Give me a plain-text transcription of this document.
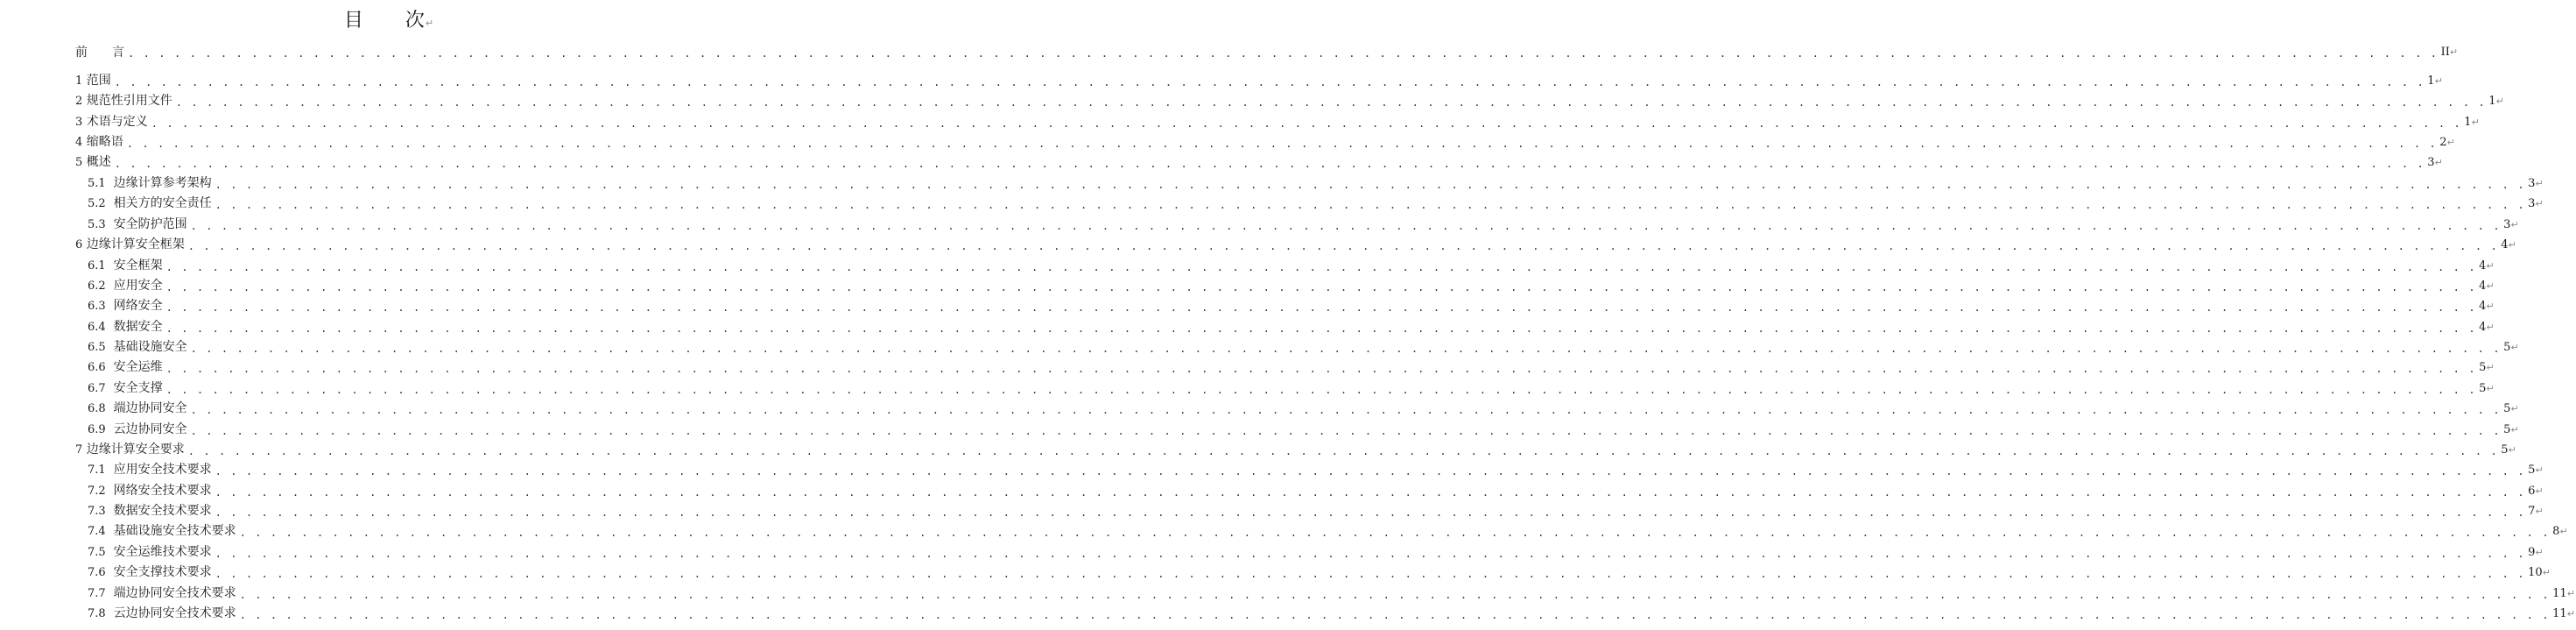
目 次↵
前　　言 . . . . . . . . . . . . . . . . . . . . . . . . . . . . . . . . . . . . . . . . . . . . . . . . . . . . . . . . . . . . . . . . . . . . . . . . . . . . . . . . . . . . . . . . . . . . . . . . . . . . . . . . . . . . . . . . . . . . . . . . . . . . . . . . . . . . . . . . . . . . . . . . . . . . . . II ↵
1 范围 . . . . . . . . . . . . . . . . . . . . . . . . . . . . . . . . . . . . . . . . . . . . . . . . . . . . . . . . . . . . . . . . . . . . . . . . . . . . . . . . . . . . . . . . . . . . . . . . . . . . . . . . . . . . . . . . . . . . . . . . . . . . . . . . . . . . . . . . . . . . . . . . . . . . . . 1 ↵
2 规范性引用文件 . . . . . . . . . . . . . . . . . . . . . . . . . . . . . . . . . . . . . . . . . . . . . . . . . . . . . . . . . . . . . . . . . . . . . . . . . . . . . . . . . . . . . . . . . . . . . . . . . . . . . . . . . . . . . . . . . . . . . . . . . . . . . . . . . . . . . . . . . . . . . . . . . . . . . . 1 ↵
3 术语与定义 . . . . . . . . . . . . . . . . . . . . . . . . . . . . . . . . . . . . . . . . . . . . . . . . . . . . . . . . . . . . . . . . . . . . . . . . . . . . . . . . . . . . . . . . . . . . . . . . . . . . . . . . . . . . . . . . . . . . . . . . . . . . . . . . . . . . . . . . . . . . . . . . . . . . . . 1 ↵
4 缩略语 . . . . . . . . . . . . . . . . . . . . . . . . . . . . . . . . . . . . . . . . . . . . . . . . . . . . . . . . . . . . . . . . . . . . . . . . . . . . . . . . . . . . . . . . . . . . . . . . . . . . . . . . . . . . . . . . . . . . . . . . . . . . . . . . . . . . . . . . . . . . . . . . . . . . . . 2 ↵
5 概述 . . . . . . . . . . . . . . . . . . . . . . . . . . . . . . . . . . . . . . . . . . . . . . . . . . . . . . . . . . . . . . . . . . . . . . . . . . . . . . . . . . . . . . . . . . . . . . . . . . . . . . . . . . . . . . . . . . . . . . . . . . . . . . . . . . . . . . . . . . . . . . . . . . . . . . 3 ↵
5.1 边缘计算参考架构 . . . . . . . . . . . . . . . . . . . . . . . . . . . . . . . . . . . . . . . . . . . . . . . . . . . . . . . . . . . . . . . . . . . . . . . . . . . . . . . . . . . . . . . . . . . . . . . . . . . . . . . . . . . . . . . . . . . . . . . . . . . . . . . . . . . . . . . . . . . . . . . . . . . . . . 3 ↵
5.2 相关方的安全责任 . . . . . . . . . . . . . . . . . . . . . . . . . . . . . . . . . . . . . . . . . . . . . . . . . . . . . . . . . . . . . . . . . . . . . . . . . . . . . . . . . . . . . . . . . . . . . . . . . . . . . . . . . . . . . . . . . . . . . . . . . . . . . . . . . . . . . . . . . . . . . . . . . . . . . . 3 ↵
5.3 安全防护范围 . . . . . . . . . . . . . . . . . . . . . . . . . . . . . . . . . . . . . . . . . . . . . . . . . . . . . . . . . . . . . . . . . . . . . . . . . . . . . . . . . . . . . . . . . . . . . . . . . . . . . . . . . . . . . . . . . . . . . . . . . . . . . . . . . . . . . . . . . . . . . . . . . . . . . . 3 ↵
6 边缘计算安全框架 . . . . . . . . . . . . . . . . . . . . . . . . . . . . . . . . . . . . . . . . . . . . . . . . . . . . . . . . . . . . . . . . . . . . . . . . . . . . . . . . . . . . . . . . . . . . . . . . . . . . . . . . . . . . . . . . . . . . . . . . . . . . . . . . . . . . . . . . . . . . . . . . . . . . . . 4 ↵
6.1 安全框架 . . . . . . . . . . . . . . . . . . . . . . . . . . . . . . . . . . . . . . . . . . . . . . . . . . . . . . . . . . . . . . . . . . . . . . . . . . . . . . . . . . . . . . . . . . . . . . . . . . . . . . . . . . . . . . . . . . . . . . . . . . . . . . . . . . . . . . . . . . . . . . . . . . . . . . 4 ↵
6.2 应用安全 . . . . . . . . . . . . . . . . . . . . . . . . . . . . . . . . . . . . . . . . . . . . . . . . . . . . . . . . . . . . . . . . . . . . . . . . . . . . . . . . . . . . . . . . . . . . . . . . . . . . . . . . . . . . . . . . . . . . . . . . . . . . . . . . . . . . . . . . . . . . . . . . . . . . . . 4 ↵
6.3 网络安全 . . . . . . . . . . . . . . . . . . . . . . . . . . . . . . . . . . . . . . . . . . . . . . . . . . . . . . . . . . . . . . . . . . . . . . . . . . . . . . . . . . . . . . . . . . . . . . . . . . . . . . . . . . . . . . . . . . . . . . . . . . . . . . . . . . . . . . . . . . . . . . . . . . . . . . 4 ↵
6.4 数据安全 . . . . . . . . . . . . . . . . . . . . . . . . . . . . . . . . . . . . . . . . . . . . . . . . . . . . . . . . . . . . . . . . . . . . . . . . . . . . . . . . . . . . . . . . . . . . . . . . . . . . . . . . . . . . . . . . . . . . . . . . . . . . . . . . . . . . . . . . . . . . . . . . . . . . . . 4 ↵
6.5 基础设施安全 . . . . . . . . . . . . . . . . . . . . . . . . . . . . . . . . . . . . . . . . . . . . . . . . . . . . . . . . . . . . . . . . . . . . . . . . . . . . . . . . . . . . . . . . . . . . . . . . . . . . . . . . . . . . . . . . . . . . . . . . . . . . . . . . . . . . . . . . . . . . . . . . . . . . . . 5 ↵
6.6 安全运维 . . . . . . . . . . . . . . . . . . . . . . . . . . . . . . . . . . . . . . . . . . . . . . . . . . . . . . . . . . . . . . . . . . . . . . . . . . . . . . . . . . . . . . . . . . . . . . . . . . . . . . . . . . . . . . . . . . . . . . . . . . . . . . . . . . . . . . . . . . . . . . . . . . . . . . 5 ↵
6.7 安全支撑 . . . . . . . . . . . . . . . . . . . . . . . . . . . . . . . . . . . . . . . . . . . . . . . . . . . . . . . . . . . . . . . . . . . . . . . . . . . . . . . . . . . . . . . . . . . . . . . . . . . . . . . . . . . . . . . . . . . . . . . . . . . . . . . . . . . . . . . . . . . . . . . . . . . . . . 5 ↵
6.8 端边协同安全 . . . . . . . . . . . . . . . . . . . . . . . . . . . . . . . . . . . . . . . . . . . . . . . . . . . . . . . . . . . . . . . . . . . . . . . . . . . . . . . . . . . . . . . . . . . . . . . . . . . . . . . . . . . . . . . . . . . . . . . . . . . . . . . . . . . . . . . . . . . . . . . . . . . . . . 5 ↵
6.9 云边协同安全 . . . . . . . . . . . . . . . . . . . . . . . . . . . . . . . . . . . . . . . . . . . . . . . . . . . . . . . . . . . . . . . . . . . . . . . . . . . . . . . . . . . . . . . . . . . . . . . . . . . . . . . . . . . . . . . . . . . . . . . . . . . . . . . . . . . . . . . . . . . . . . . . . . . . . . 5 ↵
7 边缘计算安全要求 . . . . . . . . . . . . . . . . . . . . . . . . . . . . . . . . . . . . . . . . . . . . . . . . . . . . . . . . . . . . . . . . . . . . . . . . . . . . . . . . . . . . . . . . . . . . . . . . . . . . . . . . . . . . . . . . . . . . . . . . . . . . . . . . . . . . . . . . . . . . . . . . . . . . . . 5 ↵
7.1 应用安全技术要求 . . . . . . . . . . . . . . . . . . . . . . . . . . . . . . . . . . . . . . . . . . . . . . . . . . . . . . . . . . . . . . . . . . . . . . . . . . . . . . . . . . . . . . . . . . . . . . . . . . . . . . . . . . . . . . . . . . . . . . . . . . . . . . . . . . . . . . . . . . . . . . . . . . . . . . 5 ↵
7.2 网络安全技术要求 . . . . . . . . . . . . . . . . . . . . . . . . . . . . . . . . . . . . . . . . . . . . . . . . . . . . . . . . . . . . . . . . . . . . . . . . . . . . . . . . . . . . . . . . . . . . . . . . . . . . . . . . . . . . . . . . . . . . . . . . . . . . . . . . . . . . . . . . . . . . . . . . . . . . . . 6 ↵
7.3 数据安全技术要求 . . . . . . . . . . . . . . . . . . . . . . . . . . . . . . . . . . . . . . . . . . . . . . . . . . . . . . . . . . . . . . . . . . . . . . . . . . . . . . . . . . . . . . . . . . . . . . . . . . . . . . . . . . . . . . . . . . . . . . . . . . . . . . . . . . . . . . . . . . . . . . . . . . . . . . 7 ↵
7.4 基础设施安全技术要求 . . . . . . . . . . . . . . . . . . . . . . . . . . . . . . . . . . . . . . . . . . . . . . . . . . . . . . . . . . . . . . . . . . . . . . . . . . . . . . . . . . . . . . . . . . . . . . . . . . . . . . . . . . . . . . . . . . . . . . . . . . . . . . . . . . . . . . . . . . . . . . . . . . . . . . 8 ↵
7.5 安全运维技术要求 . . . . . . . . . . . . . . . . . . . . . . . . . . . . . . . . . . . . . . . . . . . . . . . . . . . . . . . . . . . . . . . . . . . . . . . . . . . . . . . . . . . . . . . . . . . . . . . . . . . . . . . . . . . . . . . . . . . . . . . . . . . . . . . . . . . . . . . . . . . . . . . . . . . . . . 9 ↵
7.6 安全支撑技术要求 . . . . . . . . . . . . . . . . . . . . . . . . . . . . . . . . . . . . . . . . . . . . . . . . . . . . . . . . . . . . . . . . . . . . . . . . . . . . . . . . . . . . . . . . . . . . . . . . . . . . . . . . . . . . . . . . . . . . . . . . . . . . . . . . . . . . . . . . . . . . . . . . . . . . . . 10 ↵
7.7 端边协同安全技术要求 . . . . . . . . . . . . . . . . . . . . . . . . . . . . . . . . . . . . . . . . . . . . . . . . . . . . . . . . . . . . . . . . . . . . . . . . . . . . . . . . . . . . . . . . . . . . . . . . . . . . . . . . . . . . . . . . . . . . . . . . . . . . . . . . . . . . . . . . . . . . . . . . . . . . . . 11 ↵
7.8 云边协同安全技术要求 . . . . . . . . . . . . . . . . . . . . . . . . . . . . . . . . . . . . . . . . . . . . . . . . . . . . . . . . . . . . . . . . . . . . . . . . . . . . . . . . . . . . . . . . . . . . . . . . . . . . . . . . . . . . . . . . . . . . . . . . . . . . . . . . . . . . . . . . . . . . . . . . . . . . . . 11 ↵
